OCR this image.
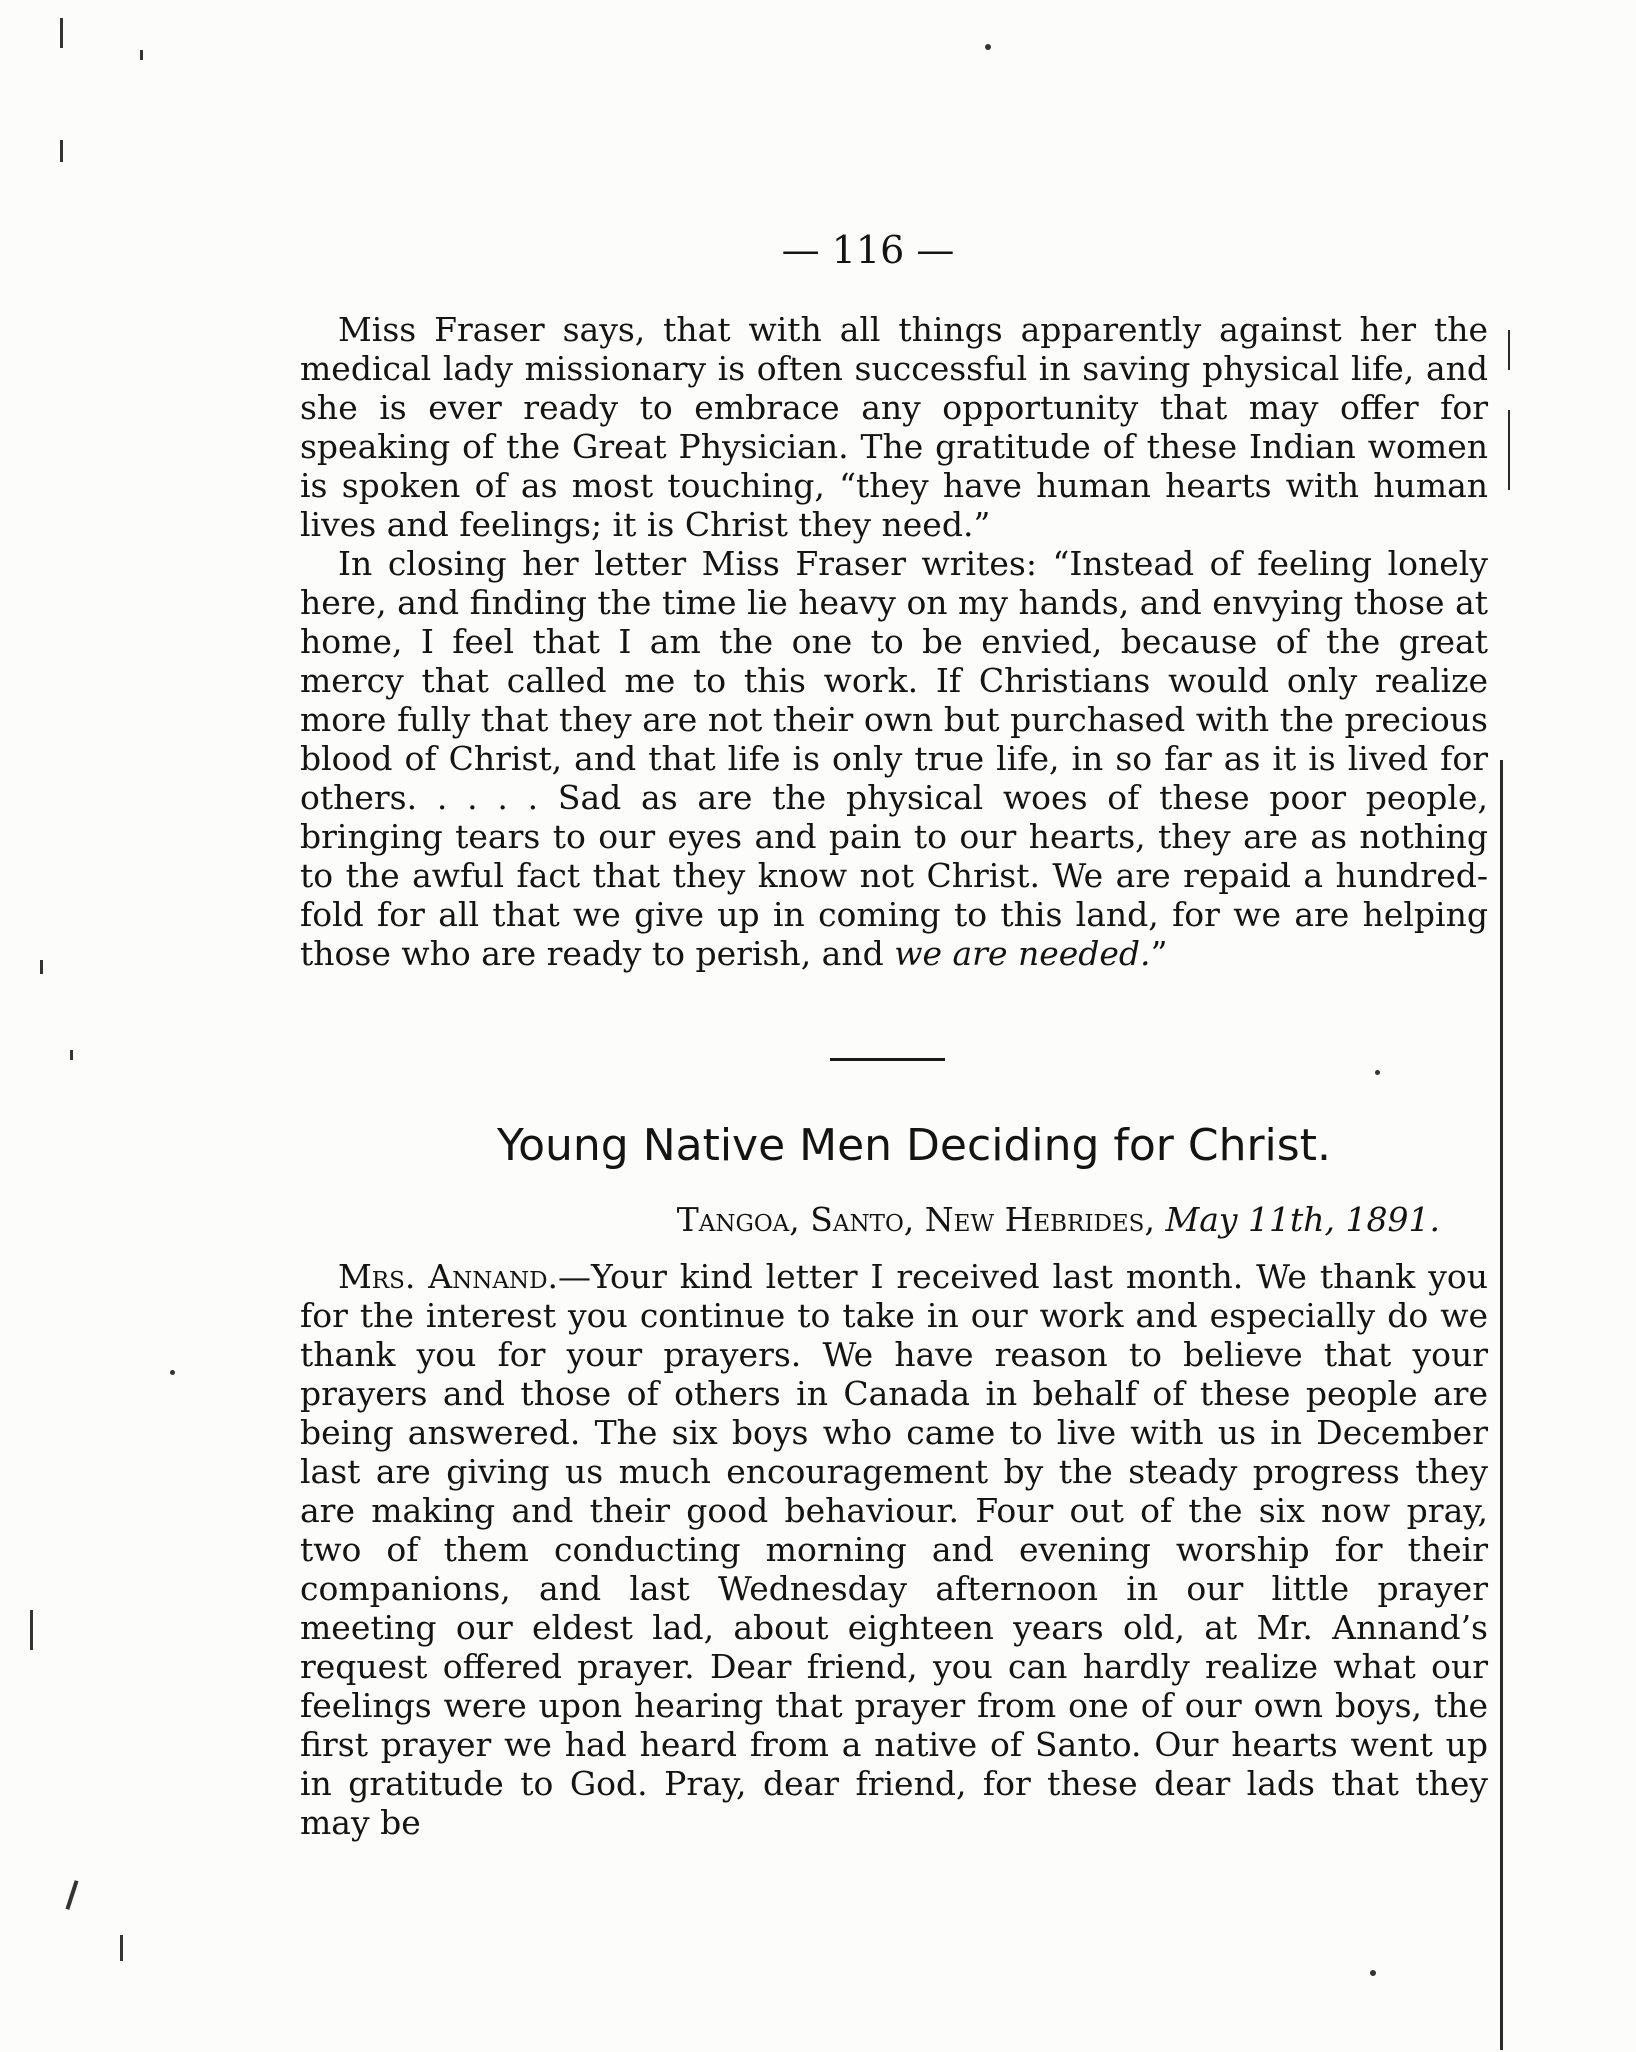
— 116 —

Miss Fraser says, that with all things apparently against her the medical lady missionary is often successful in saving physical life, and she is ever ready to embrace any opportunity that may offer for speaking of the Great Physician. The gratitude of these Indian women is spoken of as most touching, “they have human hearts with human lives and feelings; it is Christ they need.”

In closing her letter Miss Fraser writes: “Instead of feeling lonely here, and finding the time lie heavy on my hands, and envying those at home, I feel that I am the one to be envied, because of the great mercy that called me to this work. If Christians would only realize more fully that they are not their own but purchased with the precious blood of Christ, and that life is only true life, in so far as it is lived for others. . . . . Sad as are the physical woes of these poor people, bringing tears to our eyes and pain to our hearts, they are as nothing to the awful fact that they know not Christ. We are repaid a hundred-fold for all that we give up in coming to this land, for we are helping those who are ready to perish, and we are needed.”

Young Native Men Deciding for Christ.
Tangoa, Santo, New Hebrides, May 11th, 1891.

Mrs. Annand.—Your kind letter I received last month. We thank you for the interest you continue to take in our work and especially do we thank you for your prayers. We have reason to believe that your prayers and those of others in Canada in behalf of these people are being answered. The six boys who came to live with us in December last are giving us much encouragement by the steady progress they are making and their good behaviour. Four out of the six now pray, two of them conducting morning and evening worship for their companions, and last Wednesday afternoon in our little prayer meeting our eldest lad, about eighteen years old, at Mr. Annand’s request offered prayer. Dear friend, you can hardly realize what our feelings were upon hearing that prayer from one of our own boys, the first prayer we had heard from a native of Santo. Our hearts went up in gratitude to God. Pray, dear friend, for these dear lads that they may be
